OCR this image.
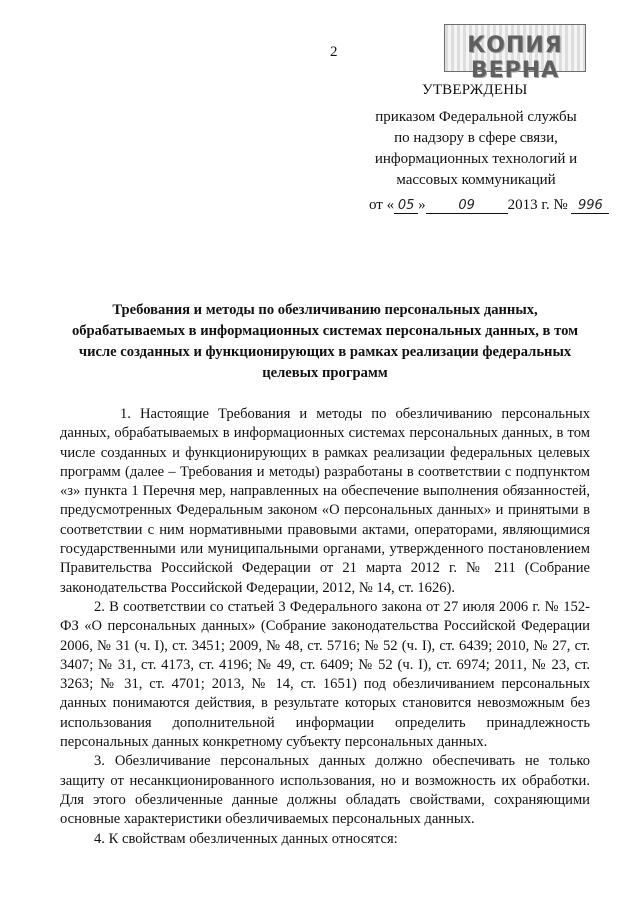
2	КОПИЯ ВЕРНА
УТВЕРЖДЕНЫ
приказом Федеральной службы
по надзору в сфере связи,
информационных технологий и
массовых коммуникаций
от « 05 »	09 2013 г. № 996
Требования и методы по обезличиванию персональных данных,
обрабатываемых в информационных системах персональных данных, в том
числе созданных и функционирующих в рамках реализации федеральных
целевых программ

1. Настоящие Требования и методы по обезличиванию персональных данных, обрабатываемых в информационных системах персональных данных, в том числе созданных и функционирующих в рамках реализации федеральных целевых программ (далее – Требования и методы) разработаны в соответствии с подпунктом «з» пункта 1 Перечня мер, направленных на обеспечение выполнения обязанностей, предусмотренных Федеральным законом «О персональных данных» и принятыми в соответствии с ним нормативными правовыми актами, операторами, являющимися государственными или муниципальными органами, утвержденного постановлением Правительства Российской Федерации от 21 марта 2012 г. № 211 (Собрание законодательства Российской Федерации, 2012, № 14, ст. 1626).

2. В соответствии со статьей 3 Федерального закона от 27 июля 2006 г. № 152-ФЗ «О персональных данных» (Собрание законодательства Российской Федерации 2006, № 31 (ч. I), ст. 3451; 2009, № 48, ст. 5716; № 52 (ч. I), ст. 6439; 2010, № 27, ст. 3407; № 31, ст. 4173, ст. 4196; № 49, ст. 6409; № 52 (ч. I), ст. 6974; 2011, № 23, ст. 3263; № 31, ст. 4701; 2013, № 14, ст. 1651) под обезличиванием персональных данных понимаются действия, в результате которых становится невозможным без использования дополнительной информации определить принадлежность персональных данных конкретному субъекту персональных данных.

3. Обезличивание персональных данных должно обеспечивать не только защиту от несанкционированного использования, но и возможность их обработки. Для этого обезличенные данные должны обладать свойствами, сохраняющими основные характеристики обезличиваемых персональных данных.

4. К свойствам обезличенных данных относятся:
